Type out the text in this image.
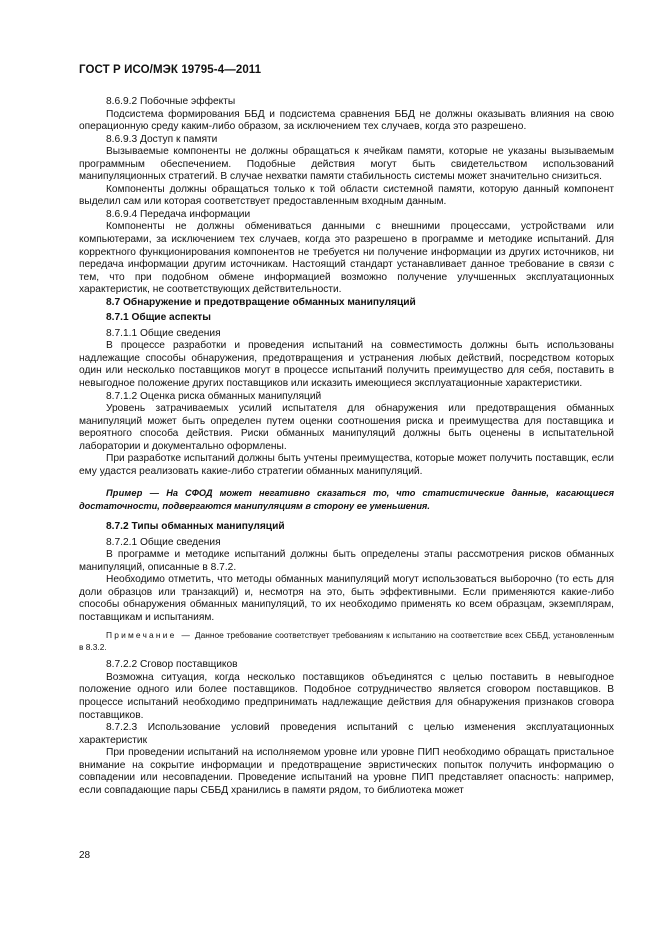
ГОСТ Р ИСО/МЭК 19795-4—2011

8.6.9.2 Побочные эффекты

Подсистема формирования ББД и подсистема сравнения ББД не должны оказывать влияния на свою операционную среду каким-либо образом, за исключением тех случаев, когда это разрешено.

8.6.9.3 Доступ к памяти

Вызываемые компоненты не должны обращаться к ячейкам памяти, которые не указаны вызываемым программным обеспечением. Подобные действия могут быть свидетельством использований манипуляционных стратегий. В случае нехватки памяти стабильность системы может значительно снизиться.

Компоненты должны обращаться только к той области системной памяти, которую данный компонент выделил сам или которая соответствует предоставленным входным данным.

8.6.9.4 Передача информации

Компоненты не должны обмениваться данными с внешними процессами, устройствами или компьютерами, за исключением тех случаев, когда это разрешено в программе и методике испытаний. Для корректного функционирования компонентов не требуется ни получение информации из других источников, ни передача информации другим источникам. Настоящий стандарт устанавливает данное требование в связи с тем, что при подобном обмене информацией возможно получение улучшенных эксплуатационных характеристик, не соответствующих действительности.

8.7 Обнаружение и предотвращение обманных манипуляций

8.7.1 Общие аспекты

8.7.1.1 Общие сведения

В процессе разработки и проведения испытаний на совместимость должны быть использованы надлежащие способы обнаружения, предотвращения и устранения любых действий, посредством которых один или несколько поставщиков могут в процессе испытаний получить преимущество для себя, поставить в невыгодное положение других поставщиков или исказить имеющиеся эксплуатационные характеристики.

8.7.1.2 Оценка риска обманных манипуляций

Уровень затрачиваемых усилий испытателя для обнаружения или предотвращения обманных манипуляций может быть определен путем оценки соотношения риска и преимущества для поставщика и вероятного способа действия. Риски обманных манипуляций должны быть оценены в испытательной лаборатории и документально оформлены.

При разработке испытаний должны быть учтены преимущества, которые может получить поставщик, если ему удастся реализовать какие-либо стратегии обманных манипуляций.

Пример — На СФОД может негативно сказаться то, что статистические данные, касающиеся достаточности, подвергаются манипуляциям в сторону ее уменьшения.

8.7.2 Типы обманных манипуляций

8.7.2.1 Общие сведения

В программе и методике испытаний должны быть определены этапы рассмотрения рисков обманных манипуляций, описанные в 8.7.2.

Необходимо отметить, что методы обманных манипуляций могут использоваться выборочно (то есть для доли образцов или транзакций) и, несмотря на это, быть эффективными. Если применяются какие-либо способы обнаружения обманных манипуляций, то их необходимо применять ко всем образцам, экземплярам, поставщикам и испытаниям.

Примечание — Данное требование соответствует требованиям к испытанию на соответствие всех СББД, установленным в 8.3.2.

8.7.2.2 Сговор поставщиков

Возможна ситуация, когда несколько поставщиков объединятся с целью поставить в невыгодное положение одного или более поставщиков. Подобное сотрудничество является сговором поставщиков. В процессе испытаний необходимо предпринимать надлежащие действия для обнаружения признаков сговора поставщиков.

8.7.2.3 Использование условий проведения испытаний с целью изменения эксплуатационных характеристик

При проведении испытаний на исполняемом уровне или уровне ПИП необходимо обращать пристальное внимание на сокрытие информации и предотвращение эвристических попыток получить информацию о совпадении или несовпадении. Проведение испытаний на уровне ПИП представляет опасность: например, если совпадающие пары СББД хранились в памяти рядом, то библиотека может

28
